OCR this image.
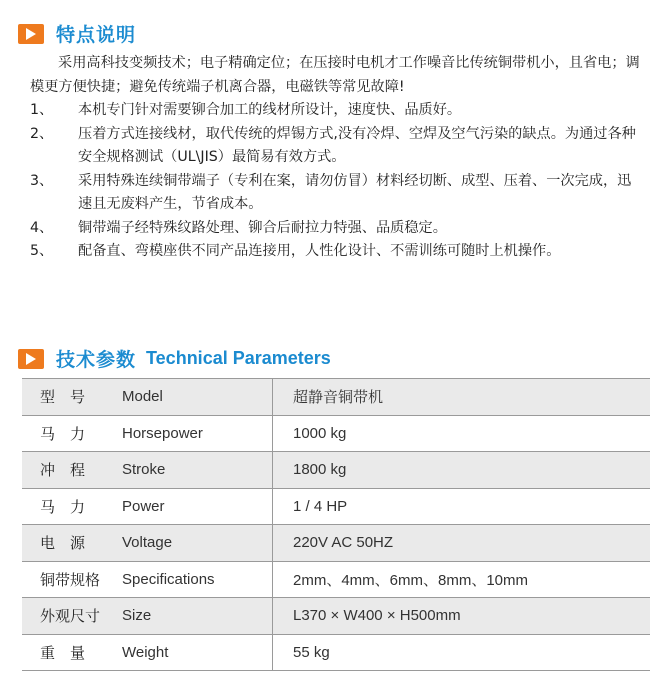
特点说明

采用高科技变频技术；电子精确定位；在压接时电机才工作噪音比传统铜带机小，且省电；调模更方便快捷；避免传统端子机离合器，电磁铁等常见故障!

1、	本机专门针对需要铆合加工的线材所设计，速度快、品质好。
2、	压着方式连接线材，取代传统的焊锡方式,没有冷焊、空焊及空气污染的缺点。为通过各种安全规格测试（UL\JIS）最简易有效方式。
3、	采用特殊连续铜带端子（专利在案，请勿仿冒）材料经切断、成型、压着、一次完成，迅速且无废料产生，节省成本。
4、	铜带端子经特殊纹路处理、铆合后耐拉力特强、品质稳定。
5、	配备直、弯模座供不同产品连接用，人性化设计、不需训练可随时上机操作。
技术参数 Technical Parameters
型　号	Model	超静音铜带机
马　力	Horsepower	1000 kg
冲　程	Stroke	1800 kg
马　力	Power	1 / 4 HP
电　源	Voltage	220V AC 50HZ
铜带规格	Specifications	2mm、4mm、6mm、8mm、10mm
外观尺寸	Size	L370 × W400 × H500mm
重　量	Weight	55 kg
